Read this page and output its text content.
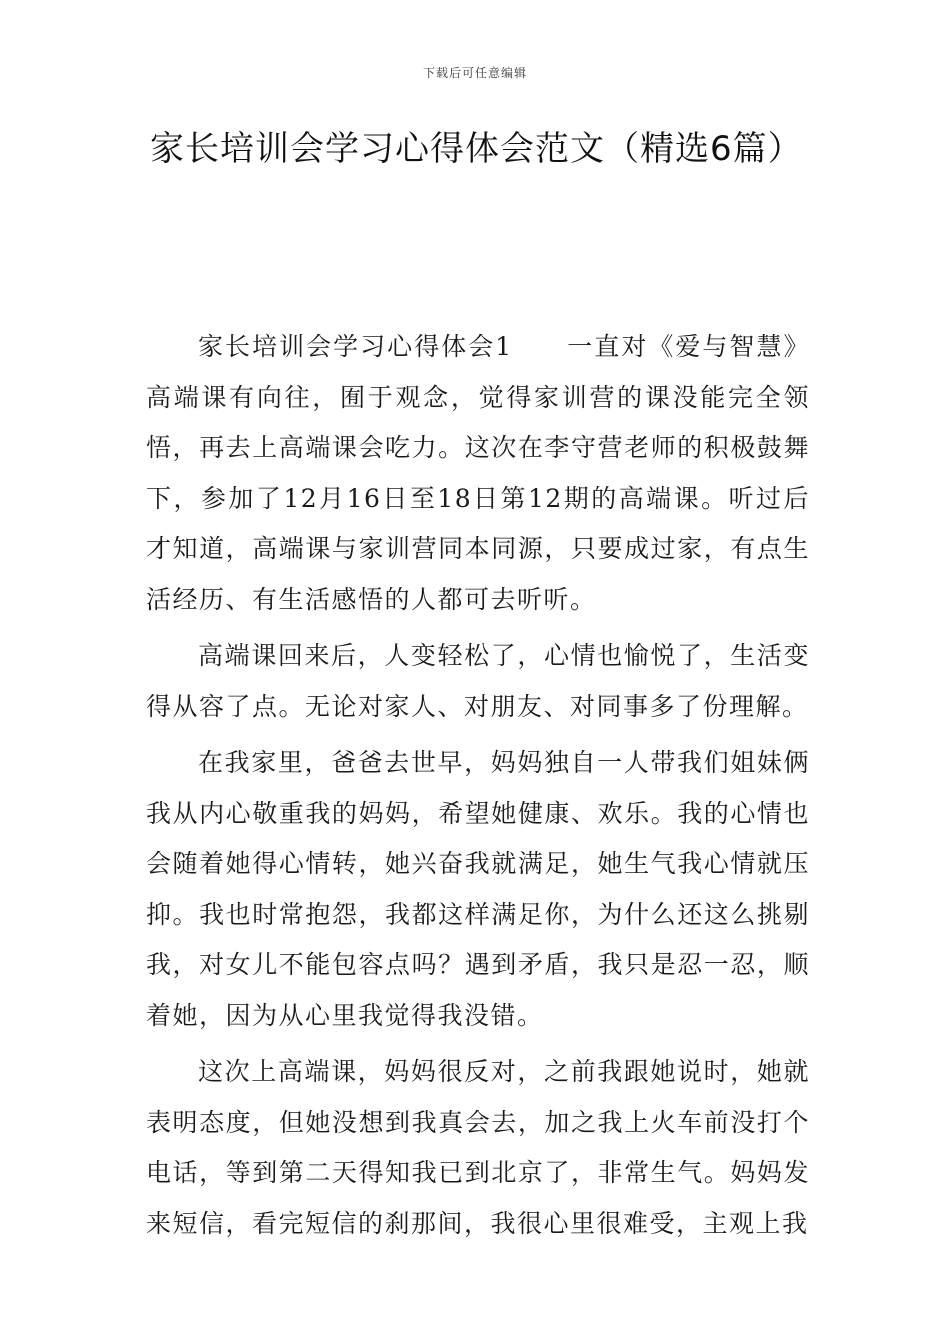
下载后可任意编辑
家长培训会学习心得体会范文（精选6篇）

家长培训会学习心得体会1　　一直对《爱与智慧》高端课有向往，囿于观念，觉得家训营的课没能完全领悟，再去上高端课会吃力。这次在李守营老师的积极鼓舞下，参加了12月16日至18日第12期的高端课。听过后才知道，高端课与家训营同本同源，只要成过家，有点生活经历、有生活感悟的人都可去听听。

高端课回来后，人变轻松了，心情也愉悦了，生活变得从容了点。无论对家人、对朋友、对同事多了份理解。

在我家里，爸爸去世早，妈妈独自一人带我们姐妹俩我从内心敬重我的妈妈，希望她健康、欢乐。我的心情也会随着她得心情转，她兴奋我就满足，她生气我心情就压抑。我也时常抱怨，我都这样满足你，为什么还这么挑剔我，对女儿不能包容点吗？遇到矛盾，我只是忍一忍，顺着她，因为从心里我觉得我没错。

这次上高端课，妈妈很反对，之前我跟她说时，她就表明态度，但她没想到我真会去，加之我上火车前没打个电话，等到第二天得知我已到北京了，非常生气。妈妈发来短信，看完短信的刹那间，我很心里很难受，主观上我
